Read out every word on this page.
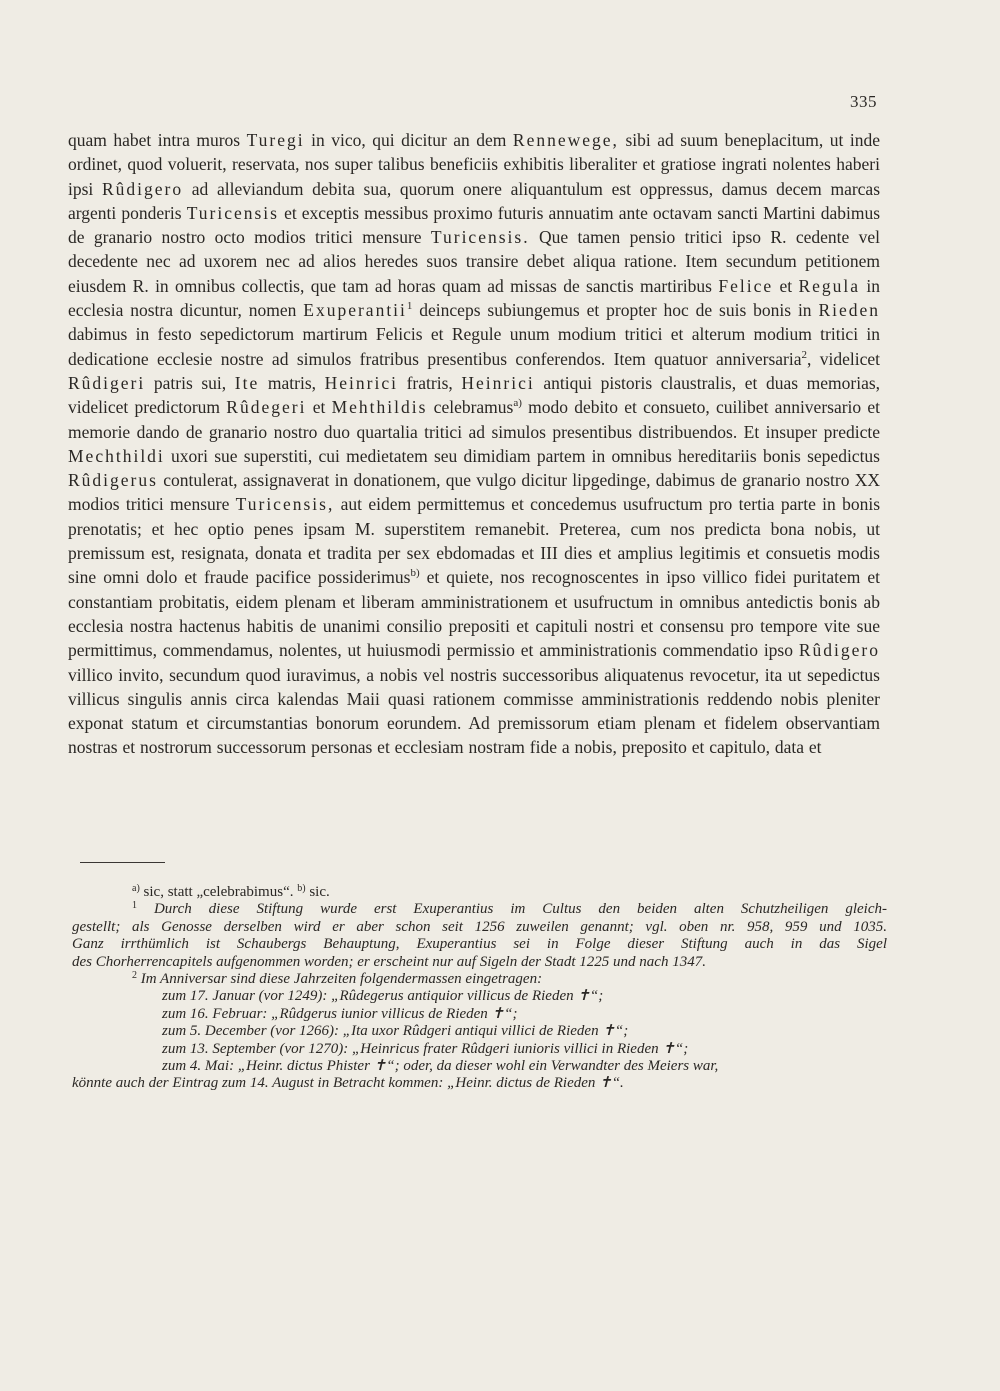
335
quam habet intra muros Turegi in vico, qui dicitur an dem Rennewege, sibi ad suum beneplacitum, ut inde ordinet, quod voluerit, reservata, nos super talibus beneficiis exhibitis liberaliter et gratiose ingrati nolentes haberi ipsi Rûdigero ad alleviandum debita sua, quorum onere aliquantulum est oppressus, damus decem marcas argenti ponderis Turicensis et exceptis messibus proximo futuris annuatim ante octavam sancti Martini dabimus de granario nostro octo modios tritici mensure Turicensis. Que tamen pensio tritici ipso R. cedente vel decedente nec ad uxorem nec ad alios heredes suos transire debet aliqua ratione. Item secundum petitionem eiusdem R. in omnibus collectis, que tam ad horas quam ad missas de sanctis martiribus Felice et Regula in ecclesia nostra dicuntur, nomen Exuperantii$^1$ deinceps subiungemus et propter hoc de suis bonis in Rieden dabimus in festo sepedictorum martirum Felicis et Regule unum modium tritici et alterum modium tritici in dedicatione ecclesie nostre ad simulos fratribus presentibus conferendos. Item quatuor anniversaria$^2$, videlicet Rûdigeri patris sui, Ite matris, Heinrici fratris, Heinrici antiqui pistoris claustralis, et duas memorias, videlicet predictorum Rûdegeri et Mehthildis celebramus$^{a)}$ modo debito et consueto, cuilibet anniversario et memorie dando de granario nostro duo quartalia tritici ad simulos presentibus distribuendos. Et insuper predicte Mechthildi uxori sue superstiti, cui medietatem seu dimidiam partem in omnibus hereditariis bonis sepedictus Rûdigerus contulerat, assignaverat in donationem, que vulgo dicitur lipgedinge, dabimus de granario nostro XX modios tritici mensure Turicensis, aut eidem permittemus et concedemus usufructum pro tertia parte in bonis prenotatis; et hec optio penes ipsam M. superstitem remanebit. Preterea, cum nos predicta bona nobis, ut premissum est, resignata, donata et tradita per sex ebdomadas et III dies et amplius legitimis et consuetis modis sine omni dolo et fraude pacifice possiderimus$^{b)}$ et quiete, nos recognoscentes in ipso villico fidei puritatem et constantiam probitatis, eidem plenam et liberam amministrationem et usufructum in omnibus antedictis bonis ab ecclesia nostra hactenus habitis de unanimi consilio prepositi et capituli nostri et consensu pro tempore vite sue permittimus, commendamus, nolentes, ut huiusmodi permissio et amministrationis commendatio ipso Rûdigero villico invito, secundum quod iuravimus, a nobis vel nostris successoribus aliquatenus revocetur, ita ut sepedictus villicus singulis annis circa kalendas Maii quasi rationem commisse amministrationis reddendo nobis pleniter exponat statum et circumstantias bonorum eorundem. Ad premissorum etiam plenam et fidelem observantiam nostras et nostrorum successorum personas et ecclesiam nostram fide a nobis, preposito et capitulo, data et
$^{a)}$ sic, statt „celebrabimus“. $^{b)}$ sic.
$^1$ Durch diese Stiftung wurde erst Exuperantius im Cultus den beiden alten Schutzheiligen gleich-
gestellt; als Genosse derselben wird er aber schon seit 1256 zuweilen genannt; vgl. oben nr. 958, 959 und 1035.
Ganz irrthümlich ist Schaubergs Behauptung, Exuperantius sei in Folge dieser Stiftung auch in das Sigel
des Chorherrencapitels aufgenommen worden; er erscheint nur auf Sigeln der Stadt 1225 und nach 1347.
$^2$ Im Anniversar sind diese Jahrzeiten folgendermassen eingetragen:
zum 17. Januar (vor 1249): „Rûdegerus antiquior villicus de Rieden ✝“;
zum 16. Februar: „Rûdgerus iunior villicus de Rieden ✝“;
zum 5. December (vor 1266): „Ita uxor Rûdgeri antiqui villici de Rieden ✝“;
zum 13. September (vor 1270): „Heinricus frater Rûdgeri iunioris villici in Rieden ✝“;
zum 4. Mai: „Heinr. dictus Phister ✝“; oder, da dieser wohl ein Verwandter des Meiers war,
könnte auch der Eintrag zum 14. August in Betracht kommen: „Heinr. dictus de Rieden ✝“.
